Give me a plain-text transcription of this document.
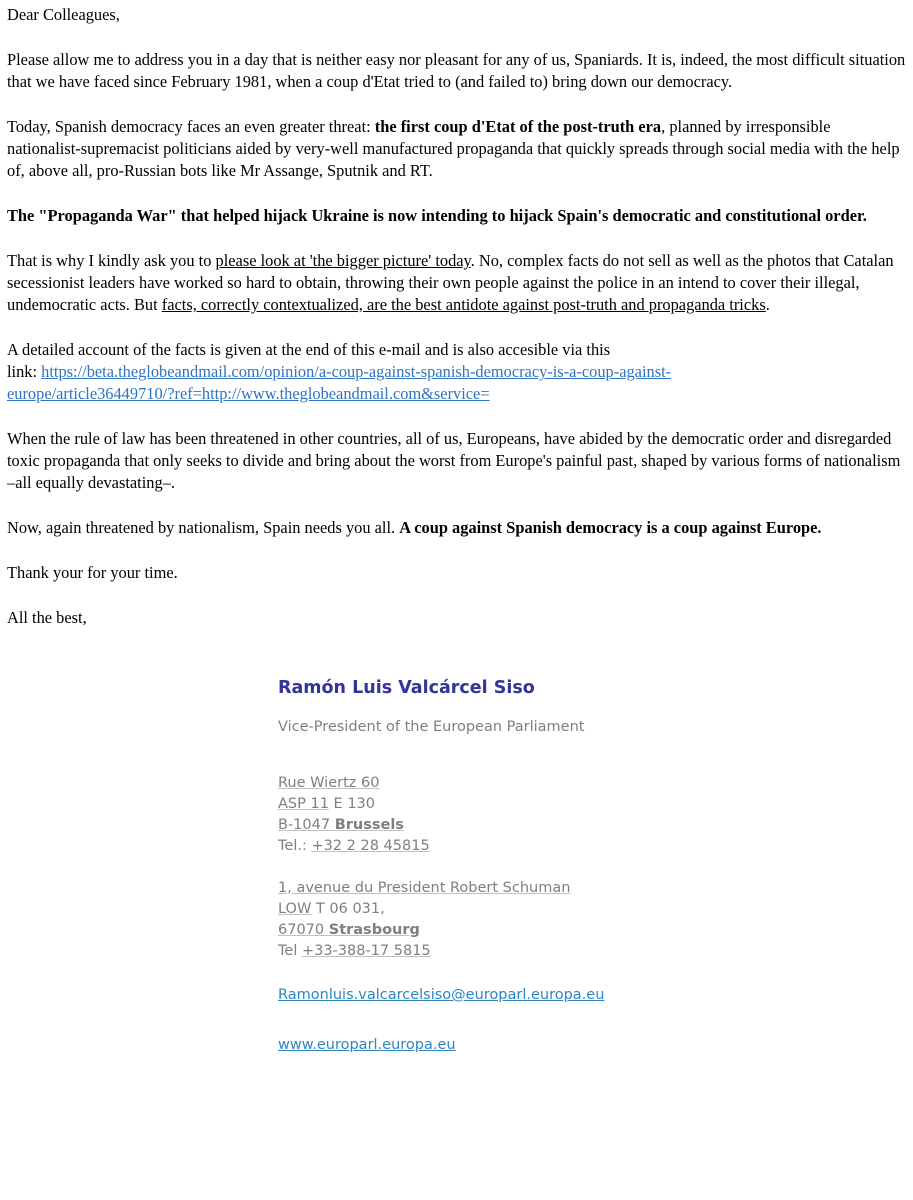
Dear Colleagues,

Please allow me to address you in a day that is neither easy nor pleasant for any of us, Spaniards. It is, indeed, the most difficult situation that we have faced since February 1981, when a coup d'Etat tried to (and failed to) bring down our democracy.

Today, Spanish democracy faces an even greater threat: the first coup d'Etat of the post-truth era, planned by irresponsible nationalist-supremacist politicians aided by very-well manufactured propaganda that quickly spreads through social media with the help of, above all, pro-Russian bots like Mr Assange, Sputnik and RT.

The "Propaganda War" that helped hijack Ukraine is now intending to hijack Spain's democratic and constitutional order.

That is why I kindly ask you to please look at 'the bigger picture' today. No, complex facts do not sell as well as the photos that Catalan secessionist leaders have worked so hard to obtain, throwing their own people against the police in an intend to cover their illegal, undemocratic acts. But facts, correctly contextualized, are the best antidote against post-truth and propaganda tricks.

A detailed account of the facts is given at the end of this e-mail and is also accesible via this
link: https://beta.theglobeandmail.com/opinion/a-coup-against-spanish-democracy-is-a-coup-against-
europe/article36449710/?ref=http://www.theglobeandmail.com&service=

When the rule of law has been threatened in other countries, all of us, Europeans, have abided by the democratic order and disregarded toxic propaganda that only seeks to divide and bring about the worst from Europe's painful past, shaped by various forms of nationalism –all equally devastating–.

Now, again threatened by nationalism, Spain needs you all. A coup against Spanish democracy is a coup against Europe.

Thank your for your time.

All the best,

Ramón Luis Valcárcel Siso
Vice-President of the European Parliament
Rue Wiertz 60
ASP 11 E 130
B-1047 Brussels
Tel.: +32 2 28 45815
1, avenue du President Robert Schuman
LOW T 06 031,
67070 Strasbourg
Tel +33-388-17 5815
Ramonluis.valcarcelsiso@europarl.europa.eu
www.europarl.europa.eu
